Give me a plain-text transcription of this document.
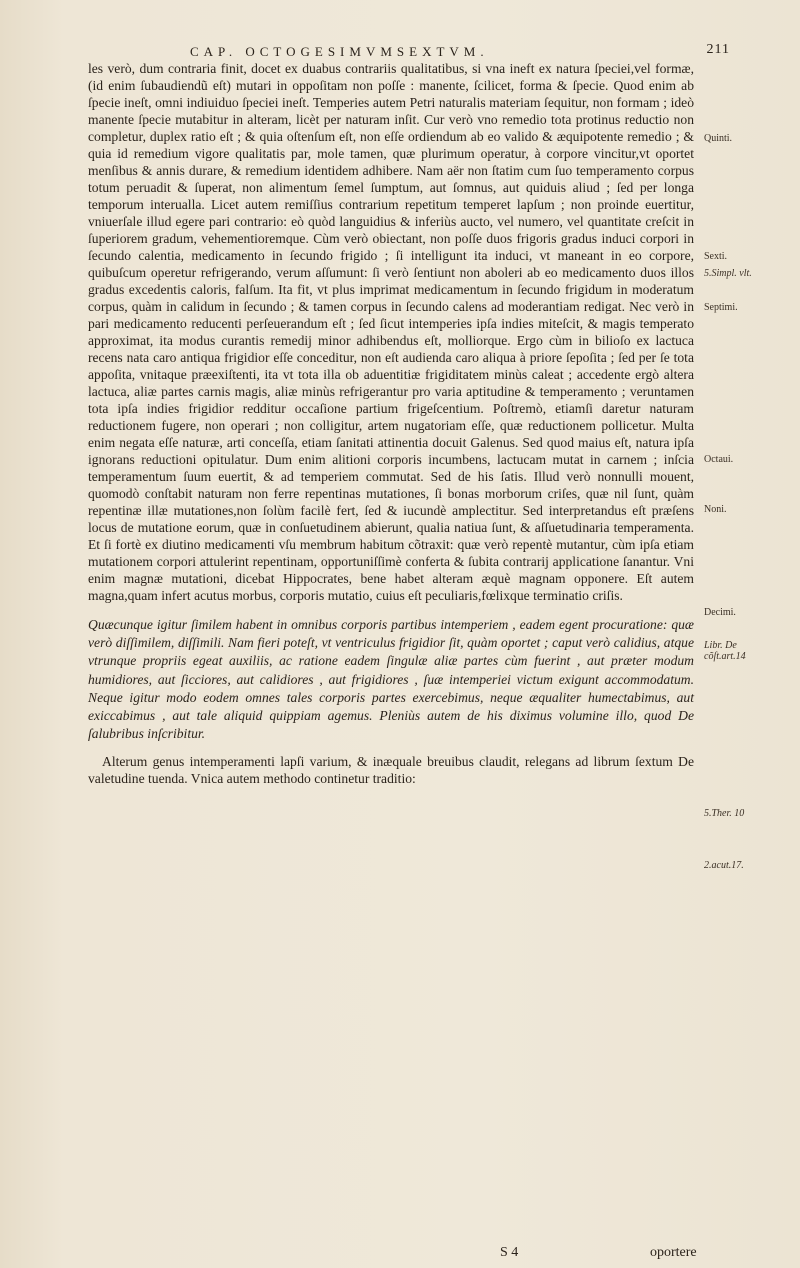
CAP. OCTOGESIMVMSEXTVM.	211

les verò, dum contraria finit, docet ex duabus contrariis qualitatibus, si vna ineft ex natura ſpeciei,vel formæ, (id enim ſubaudiendũ eſt) mutari in oppoſitam non poſſe : manente, ſcilicet, forma & ſpecie. Quod enim ab ſpecie ineſt, omni indiuiduo ſpeciei ineſt. Temperies autem Petri naturalis materiam ſequitur, non formam ; ideò manente ſpecie mutabitur in alteram, licèt per naturam inſit. Cur verò vno remedio tota protinus reductio non completur, duplex ratio eſt ; & quia oſtenſum eſt, non eſſe ordiendum ab eo valido & æquipotente remedio ; & quia id remedium vigore qualitatis par, mole tamen, quæ plurimum operatur, à corpore vincitur,vt oportet menſibus & annis durare, & remedium identidem adhibere. Nam aër non ſtatim cum ſuo temperamento corpus totum peruadit & ſuperat, non alimentum ſemel ſumptum, aut ſomnus, aut quiduis aliud ; ſed per longa temporum interualla. Licet autem remiſſius contrarium repetitum temperet lapſum ; non proinde euertitur, vniuerſale illud egere pari contrario: eò quòd languidius & inferiùs aucto, vel numero, vel quantitate creſcit in ſuperiorem gradum, vehementioremque. Cùm verò obiectant, non poſſe duos frigoris gradus induci corpori in ſecundo calentia, medicamento in ſecundo frigido ; ſi intelligunt ita induci, vt maneant in eo corpore, quibuſcum operetur refrigerando, verum aſſumunt: ſi verò ſentiunt non aboleri ab eo medicamento duos illos gradus excedentis caloris, falſum. Ita fit, vt plus imprimat medicamentum in ſecundo frigidum in moderatum corpus, quàm in calidum in ſecundo ; & tamen corpus in ſecundo calens ad moderantiam redigat. Nec verò in pari medicamento reducenti perſeuerandum eſt ; ſed ſicut intemperies ipſa indies miteſcit, & magis temperato approximat, ita modus curantis remedij minor adhibendus eſt, molliorque. Ergo cùm in bilioſo ex lactuca recens nata caro antiqua frigidior eſſe conceditur, non eſt audienda caro aliqua à priore ſepoſita ; ſed per ſe tota appoſita, vnitaque præexiſtenti, ita vt tota illa ob aduentitiæ frigiditatem minùs caleat ; accedente ergò altera lactuca, aliæ partes carnis magis, aliæ minùs refrigerantur pro varia aptitudine & temperamento ; veruntamen tota ipſa indies frigidior redditur occaſione partium frigeſcentium. Poſtremò, etiamſi daretur naturam reductionem fugere, non operari ; non colligitur, artem nugatoriam eſſe, quæ reductionem pollicetur. Multa enim negata eſſe naturæ, arti conceſſa, etiam ſanitati attinentia docuit Galenus. Sed quod maius eſt, natura ipſa ignorans reductioni opitulatur. Dum enim alitioni corporis incumbens, lactucam mutat in carnem ; inſcia temperamentum ſuum euertit, & ad temperiem commutat. Sed de his ſatis. Illud verò nonnulli mouent, quomodò conſtabit naturam non ferre repentinas mutationes, ſi bonas morborum criſes, quæ nil ſunt, quàm repentinæ illæ mutationes,non ſolùm facilè fert, ſed & iucundè amplectitur. Sed interpretandus eſt præſens locus de mutatione eorum, quæ in conſuetudinem abierunt, qualia natiua ſunt, & aſſuetudinaria temperamenta. Et ſi fortè ex diutino medicamenti vſu membrum habitum cõtraxit: quæ verò repentè mutantur, cùm ipſa etiam mutationem corpori attulerint repentinam, opportuniſſimè conferta & ſubita contrarij applicatione ſanantur. Vni enim magnæ mutationi, dicebat Hippocrates, bene habet alteram æquè magnam opponere. Eſt autem magna,quam infert acutus morbus, corporis mutatio, cuius eſt peculiaris,fœlixque terminatio criſis.

Quæcunque igitur ſimilem habent in omnibus corporis partibus intemperiem , eadem egent procuratione: quæ verò diſſimilem, diſſimili. Nam fieri poteſt, vt ventriculus frigidior ſit, quàm oportet ; caput verò calidius, atque vtrunque propriis egeat auxiliis, ac ratione eadem ſingulæ aliæ partes cùm fuerint , aut præter modum humidiores, aut ſicciores, aut calidiores , aut frigidiores , ſuæ intemperiei victum exigunt accommodatum. Neque igitur modo eodem omnes tales corporis partes exercebimus, neque æqualiter humectabimus, aut exiccabimus , aut tale aliquid quippiam agemus. Pleniùs autem de his diximus volumine illo, quod De ſalubribus inſcribitur.

Alterum genus intemperamenti lapſi varium, & inæquale breuibus claudit, relegans ad librum ſextum De valetudine tuenda. Vnica autem methodo continetur traditio:

Quinti.
Sexti.
5.Simpl. vlt.
Septimi.
Octaui.
Noni.
Decimi.
Libr. De cõſt.art.14
5.Ther. 10
2.acut.17.
S 4	oportere
